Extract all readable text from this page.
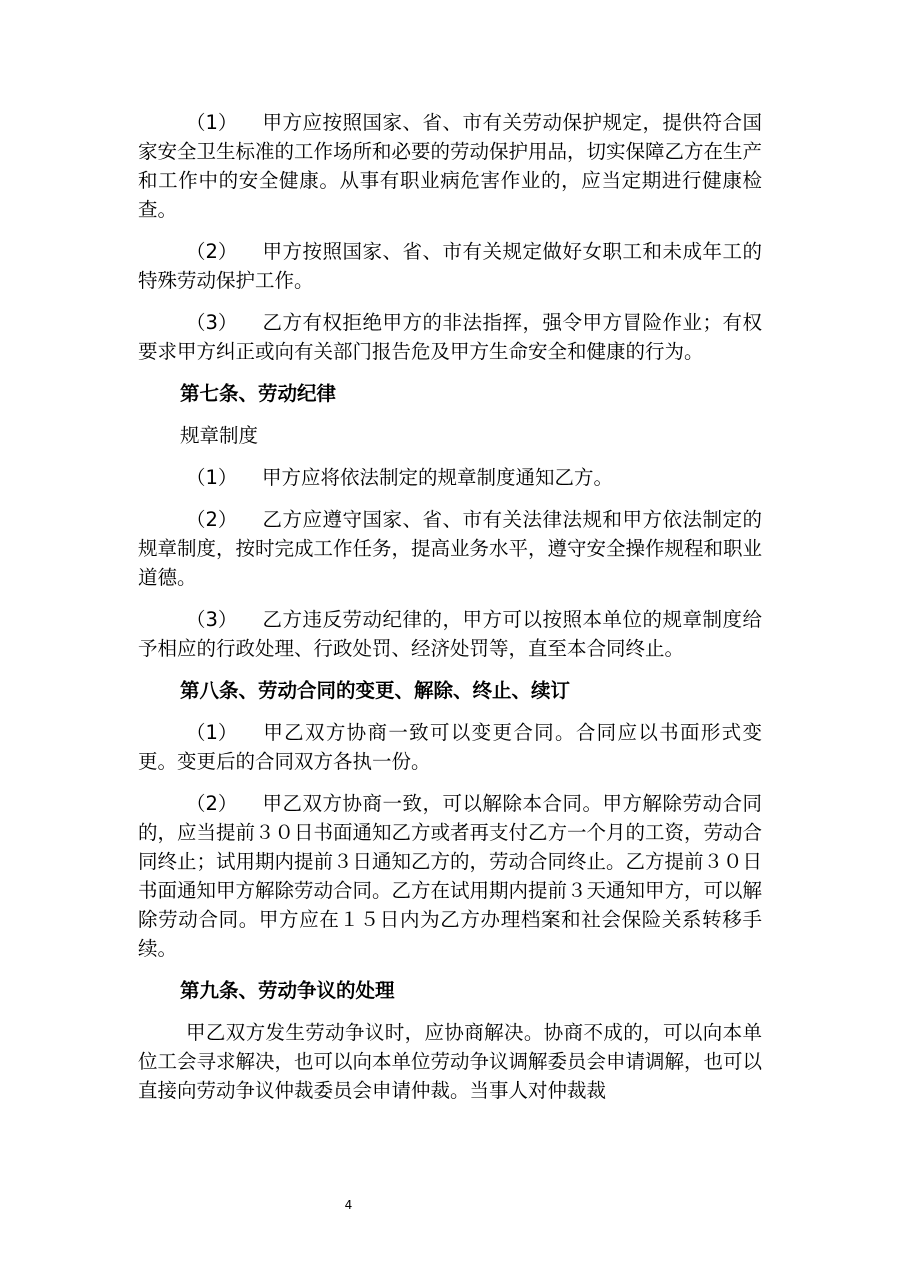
（1） 甲方应按照国家、省、市有关劳动保护规定，提供符合国家安全卫生标准的工作场所和必要的劳动保护用品，切实保障乙方在生产和工作中的安全健康。从事有职业病危害作业的，应当定期进行健康检查。

（2） 甲方按照国家、省、市有关规定做好女职工和未成年工的特殊劳动保护工作。

（3） 乙方有权拒绝甲方的非法指挥，强令甲方冒险作业；有权要求甲方纠正或向有关部门报告危及甲方生命安全和健康的行为。

第七条、劳动纪律

规章制度

（1） 甲方应将依法制定的规章制度通知乙方。

（2） 乙方应遵守国家、省、市有关法律法规和甲方依法制定的规章制度，按时完成工作任务，提高业务水平，遵守安全操作规程和职业道德。

（3） 乙方违反劳动纪律的，甲方可以按照本单位的规章制度给予相应的行政处理、行政处罚、经济处罚等，直至本合同终止。

第八条、劳动合同的变更、解除、终止、续订

（1） 甲乙双方协商一致可以变更合同。合同应以书面形式变更。变更后的合同双方各执一份。

（2） 甲乙双方协商一致，可以解除本合同。甲方解除劳动合同的，应当提前３０日书面通知乙方或者再支付乙方一个月的工资，劳动合同终止；试用期内提前３日通知乙方的，劳动合同终止。乙方提前３０日书面通知甲方解除劳动合同。乙方在试用期内提前３天通知甲方，可以解除劳动合同。甲方应在１５日内为乙方办理档案和社会保险关系转移手续。

第九条、劳动争议的处理

甲乙双方发生劳动争议时，应协商解决。协商不成的，可以向本单位工会寻求解决，也可以向本单位劳动争议调解委员会申请调解，也可以直接向劳动争议仲裁委员会申请仲裁。当事人对仲裁裁

4
